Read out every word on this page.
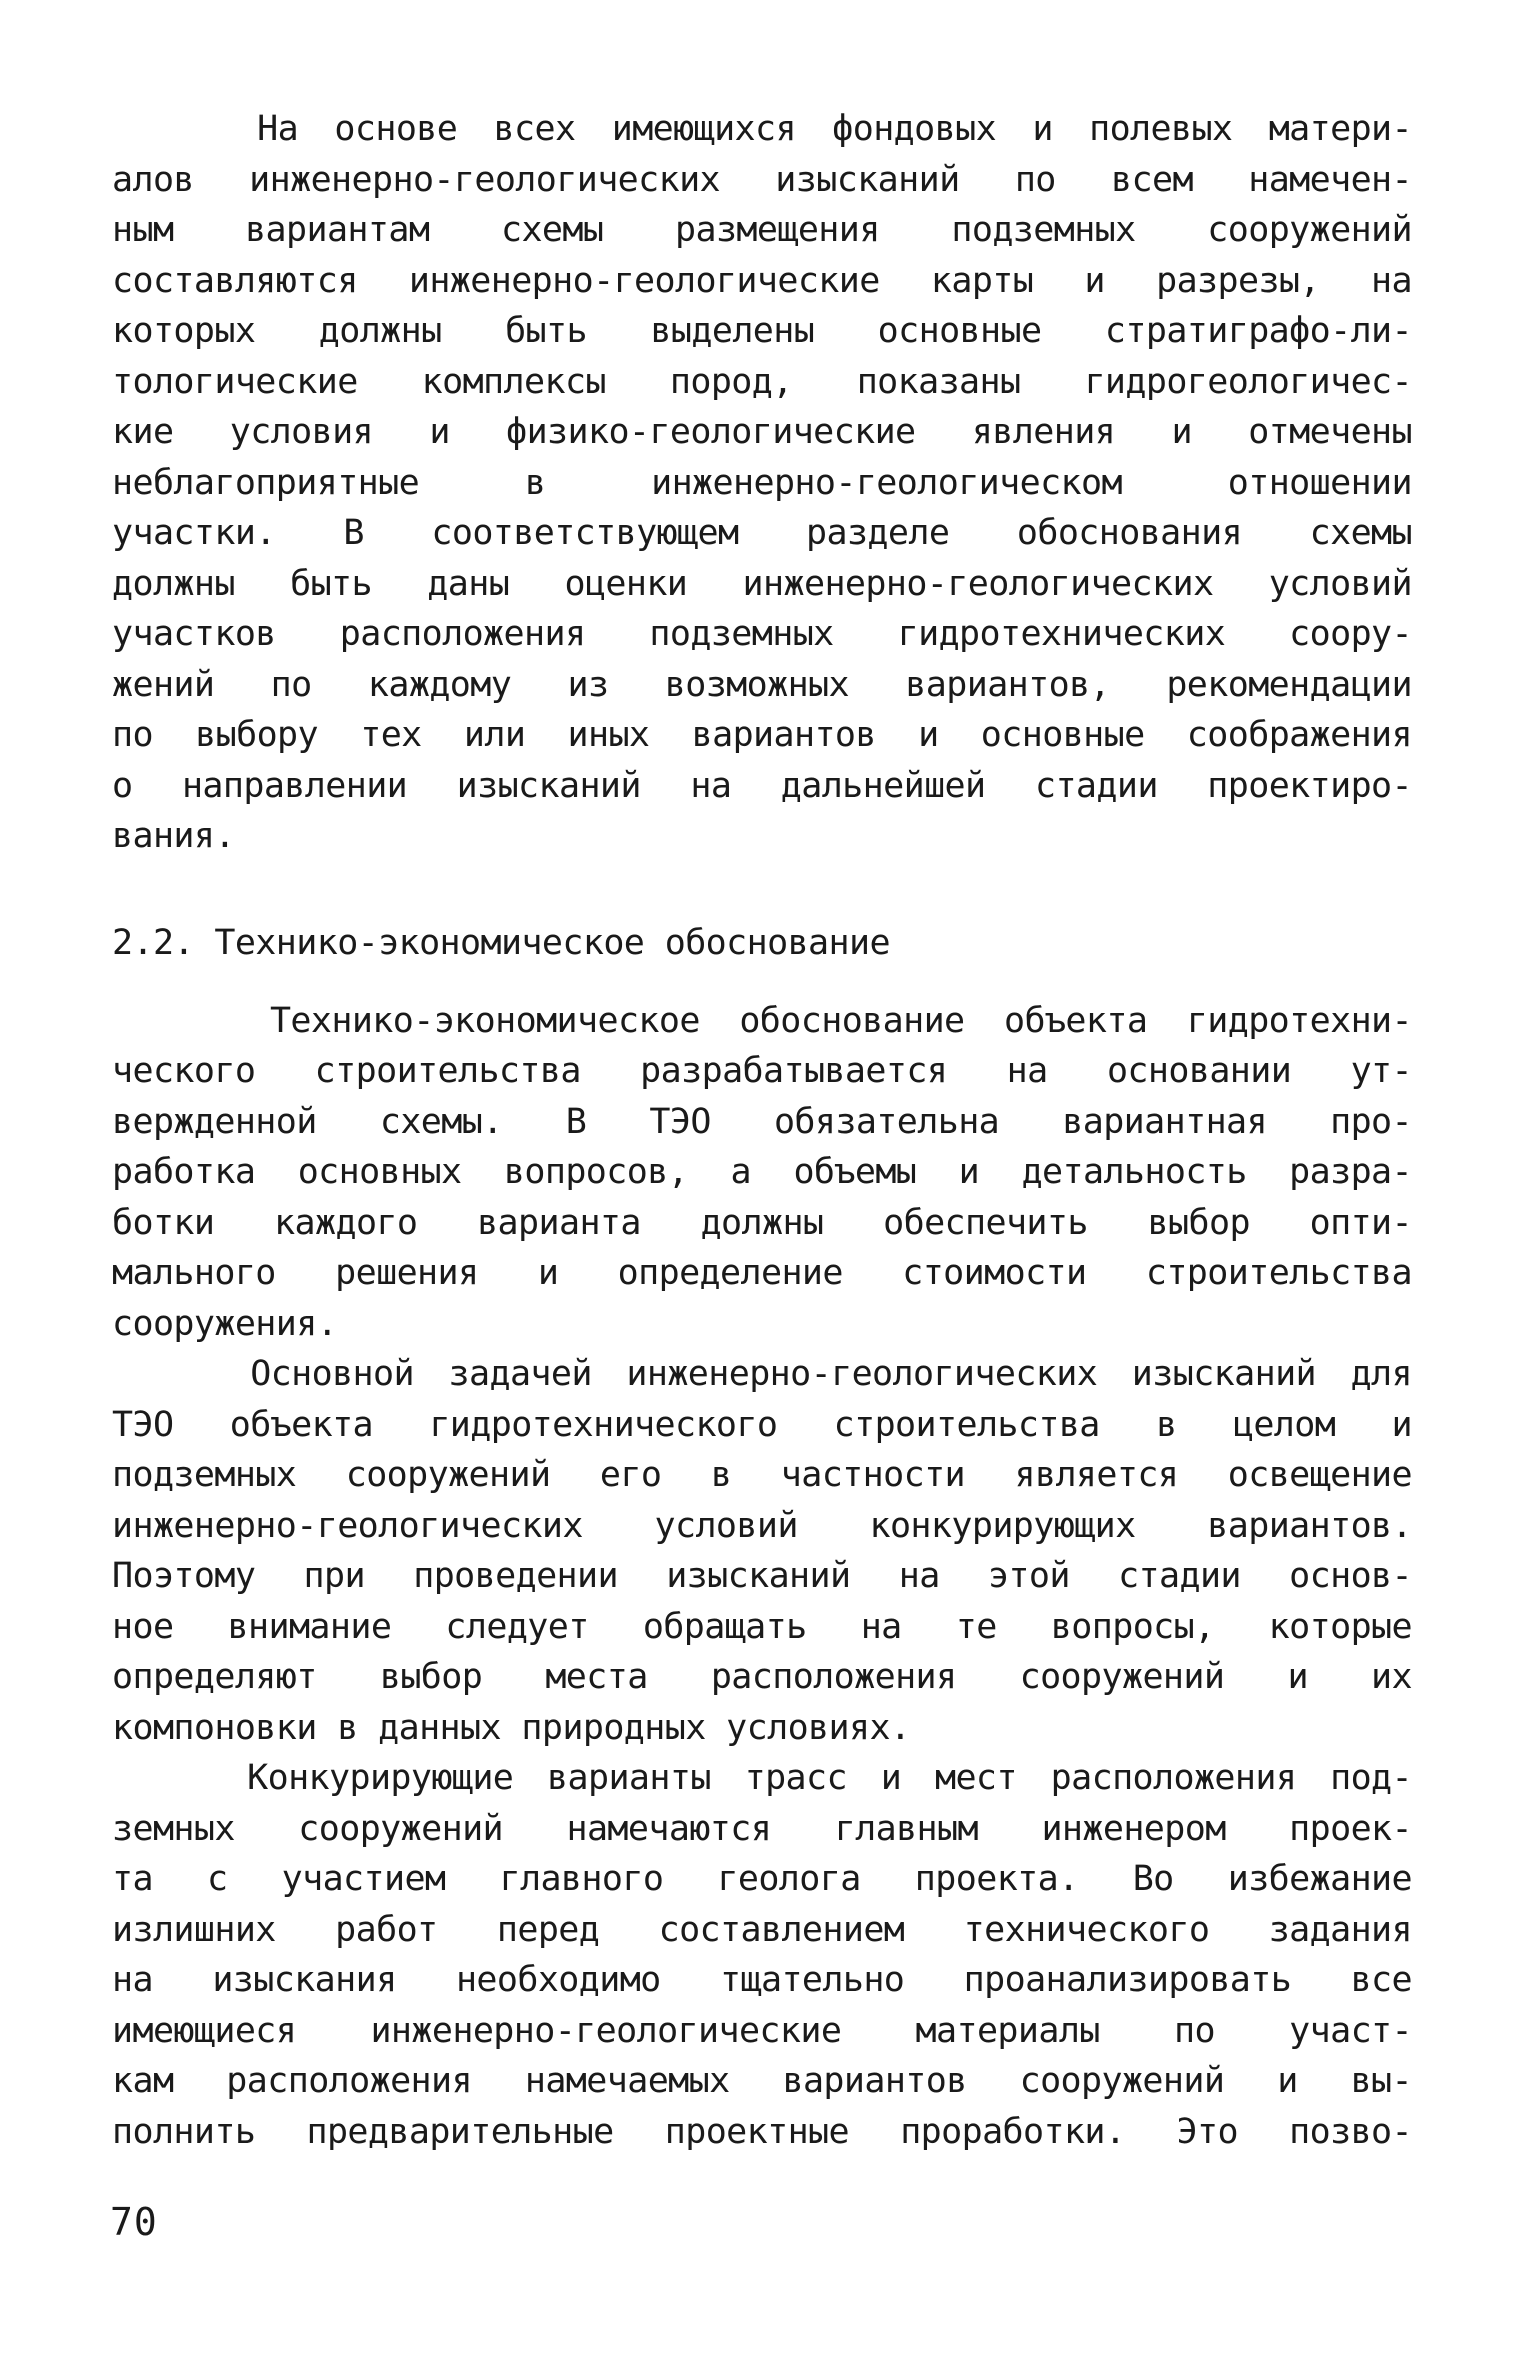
На основе всех имеющихся фондовых и полевых матери-
алов инженерно-геологических изысканий по всем намечен-
ным вариантам схемы размещения подземных сооружений
составляются инженерно-геологические карты и разрезы, на
которых должны быть выделены основные стратиграфо-ли-
тологические комплексы пород, показаны гидрогеологичес-
кие условия и физико-геологические явления и отмечены
неблагоприятные в инженерно-геологическом отношении
участки. В соответствующем разделе обоснования схемы
должны быть даны оценки инженерно-геологических условий
участков расположения подземных гидротехнических соору-
жений по каждому из возможных вариантов, рекомендации
по выбору тех или иных вариантов и основные соображения
о направлении изысканий на дальнейшей стадии проектиро-
вания.
2.2. Технико-экономическое обоснование
Технико-экономическое обоснование объекта гидротехни-
ческого строительства разрабатывается на основании ут-
вержденной схемы. В ТЭО обязательна вариантная про-
работка основных вопросов, а объемы и детальность разра-
ботки каждого варианта должны обеспечить выбор опти-
мального решения и определение стоимости строительства
сооружения.
Основной задачей инженерно-геологических изысканий для
ТЭО объекта гидротехнического строительства в целом и
подземных сооружений его в частности является освещение
инженерно-геологических условий конкурирующих вариантов.
Поэтому при проведении изысканий на этой стадии основ-
ное внимание следует обращать на те вопросы, которые
определяют выбор места расположения сооружений и их
компоновки в данных природных условиях.
Конкурирующие варианты трасс и мест расположения под-
земных сооружений намечаются главным инженером проек-
та с участием главного геолога проекта. Во избежание
излишних работ перед составлением технического задания
на изыскания необходимо тщательно проанализировать все
имеющиеся инженерно-геологические материалы по участ-
кам расположения намечаемых вариантов сооружений и вы-
полнить предварительные проектные проработки. Это позво-
70
